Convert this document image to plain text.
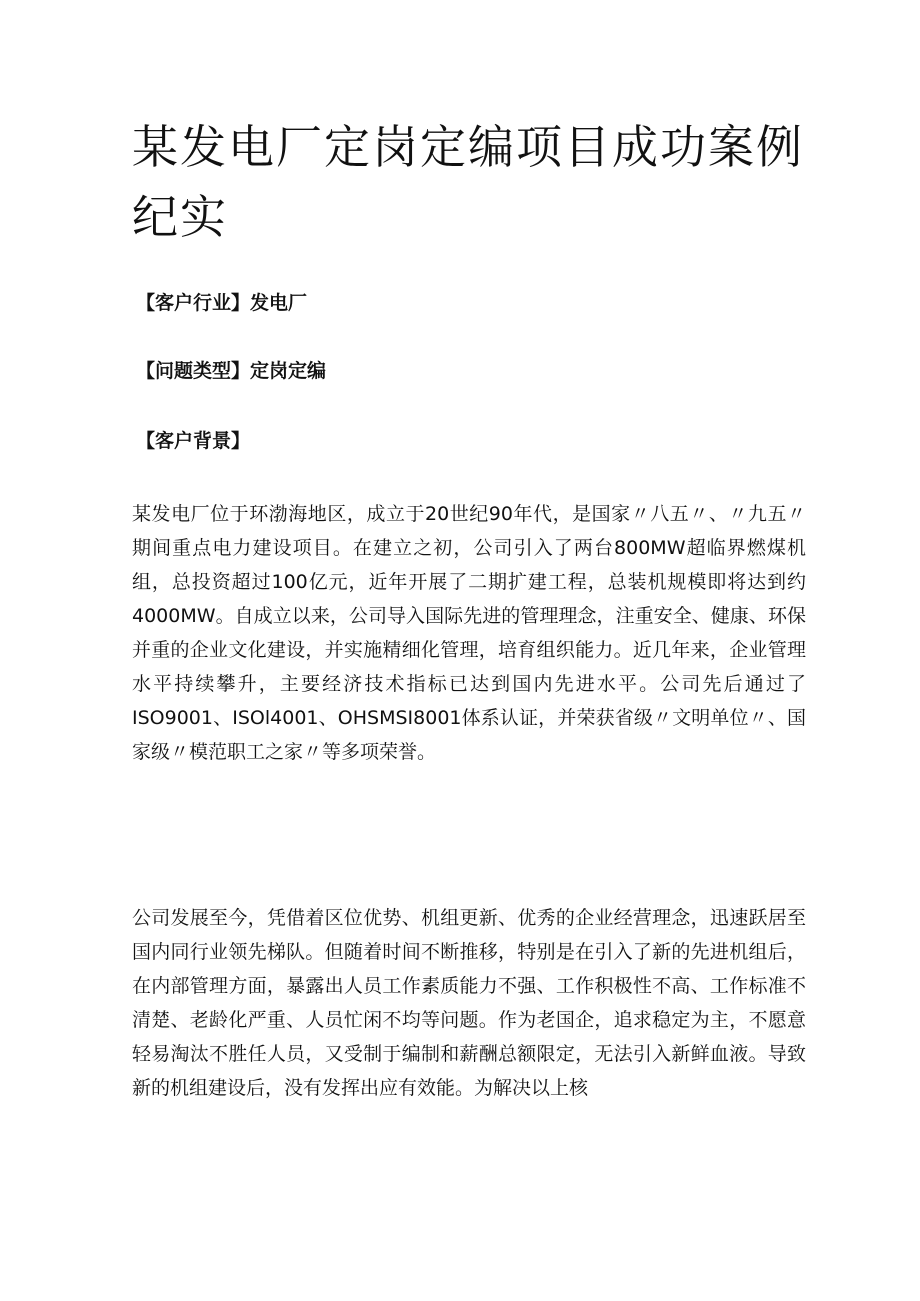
某发电厂定岗定编项目成功案例纪实

【客户行业】发电厂

【问题类型】定岗定编

【客户背景】

某发电厂位于环渤海地区，成立于20世纪90年代，是国家〃八五〃、〃九五〃期间重点电力建设项目。在建立之初，公司引入了两台800MW超临界燃煤机组，总投资超过100亿元，近年开展了二期扩建工程，总装机规模即将达到约4000MW。自成立以来，公司导入国际先进的管理理念，注重安全、健康、环保并重的企业文化建设，并实施精细化管理，培育组织能力。近几年来，企业管理水平持续攀升，主要经济技术指标已达到国内先进水平。公司先后通过了ISO9001、ISOl4001、OHSMSI8001体系认证，并荣获省级〃文明单位〃、国家级〃模范职工之家〃等多项荣誉。

公司发展至今，凭借着区位优势、机组更新、优秀的企业经营理念，迅速跃居至国内同行业领先梯队。但随着时间不断推移，特别是在引入了新的先进机组后，在内部管理方面，暴露出人员工作素质能力不强、工作积极性不高、工作标准不清楚、老龄化严重、人员忙闲不均等问题。作为老国企，追求稳定为主，不愿意轻易淘汰不胜任人员，又受制于编制和薪酬总额限定，无法引入新鲜血液。导致新的机组建设后，没有发挥出应有效能。为解决以上核
